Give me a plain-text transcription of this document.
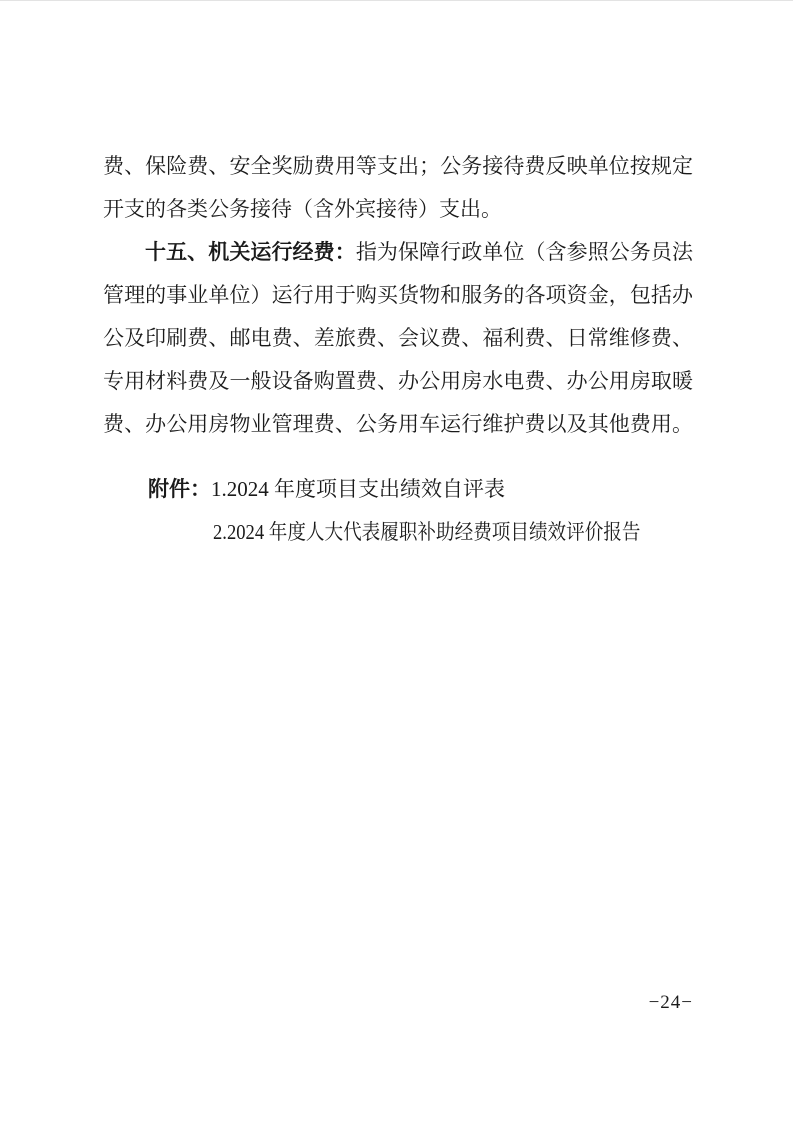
费、保险费、安全奖励费用等支出；公务接待费反映单位按规定
开支的各类公务接待（含外宾接待）支出。
十五、机关运行经费：指为保障行政单位（含参照公务员法
管理的事业单位）运行用于购买货物和服务的各项资金，包括办
公及印刷费、邮电费、差旅费、会议费、福利费、日常维修费、
专用材料费及一般设备购置费、办公用房水电费、办公用房取暖
费、办公用房物业管理费、公务用车运行维护费以及其他费用。
附件：1.2024 年度项目支出绩效自评表
2.2024 年度人大代表履职补助经费项目绩效评价报告
−24−
